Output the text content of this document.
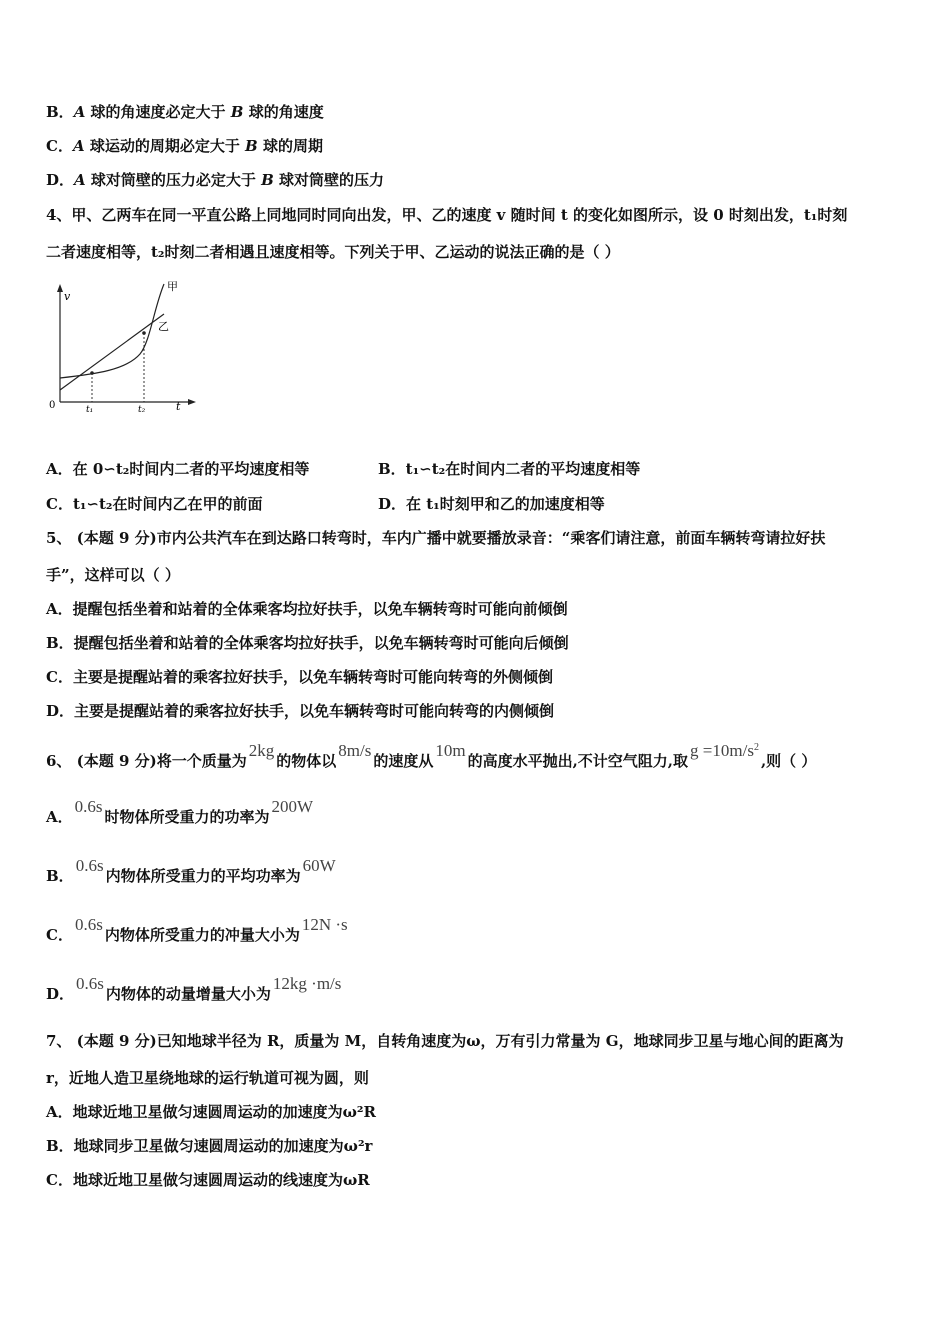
B．A 球的角速度必定大于 B 球的角速度
C．A 球运动的周期必定大于 B 球的周期
D．A 球对筒壁的压力必定大于 B 球对筒壁的压力
4、甲、乙两车在同一平直公路上同地同时同向出发，甲、乙的速度 v 随时间 t 的变化如图所示，设 0 时刻出发，t₁时刻
二者速度相等，t₂时刻二者相遇且速度相等。下列关于甲、乙运动的说法正确的是（ ）
v
0	t₁	t₂	t
甲
乙
A．在 0∽t₂时间内二者的平均速度相等	B．t₁∽t₂在时间内二者的平均速度相等
C．t₁∽t₂在时间内乙在甲的前面	D．在 t₁时刻甲和乙的加速度相等
5、 (本题 9 分)市内公共汽车在到达路口转弯时，车内广播中就要播放录音：“乘客们请注意，前面车辆转弯请拉好扶
手”，这样可以（ ）
A．提醒包括坐着和站着的全体乘客均拉好扶手，以免车辆转弯时可能向前倾倒
B．提醒包括坐着和站着的全体乘客均拉好扶手，以免车辆转弯时可能向后倾倒
C．主要是提醒站着的乘客拉好扶手，以免车辆转弯时可能向转弯的外侧倾倒
D．主要是提醒站着的乘客拉好扶手，以免车辆转弯时可能向转弯的内侧倾倒
6、 (本题 9 分)将一个质量为2kg的物体以8m/s的速度从10m的高度水平抛出,不计空气阻力,取$g =10m/s^2$,则（ ）
A．0.6s时物体所受重力的功率为200W
B．0.6s内物体所受重力的平均功率为60W
C．0.6s内物体所受重力的冲量大小为12N ·s
D．0.6s内物体的动量增量大小为12kg ·m/s
7、 (本题 9 分)已知地球半径为 R，质量为 M，自转角速度为ω，万有引力常量为 G，地球同步卫星与地心间的距离为
r，近地人造卫星绕地球的运行轨道可视为圆，则
A．地球近地卫星做匀速圆周运动的加速度为ω²R
B．地球同步卫星做匀速圆周运动的加速度为ω²r
C．地球近地卫星做匀速圆周运动的线速度为ωR
